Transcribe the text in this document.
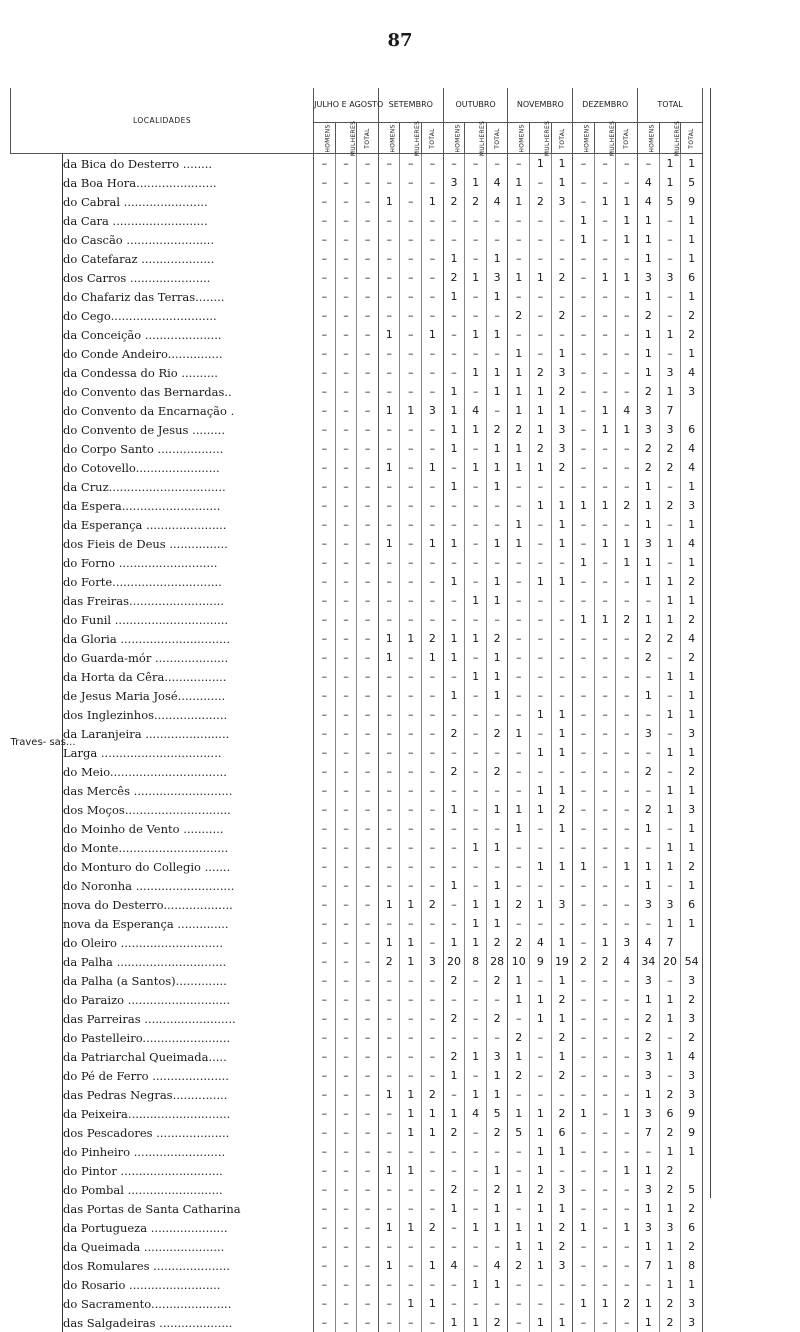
87
LOCALIDADES		JULHO E AGOSTO			SETEMBRO			OUTUBRO			NOVEMBRO			DEZEMBRO			TOTAL		
		HOMENS	MULHERES	TOTAL	HOMENS	MULHERES	TOTAL	HOMENS	MULHERES	TOTAL	HOMENS	MULHERES	TOTAL	HOMENS	MULHERES	TOTAL	HOMENS	MULHERES	TOTAL
Traves- sas...	da Bica do Desterro ........	–	–	–	–	–	–	–	–	–	–	1	1	–	–	–	–	1	1
	da Boa Hora......................	–	–	–	–	–	–	3	1	4	1	–	1	–	–	–	4	1	5
	do Cabral .......................	–	–	–	1	–	1	2	2	4	1	2	3	–	1	1	4	5	9
	da Cara ..........................	–	–	–	–	–	–	–	–	–	–	–	–	1	–	1	1	–	1
	do Cascão ........................	–	–	–	–	–	–	–	–	–	–	–	–	1	–	1	1	–	1
	do Catefaraz ....................	–	–	–	–	–	–	1	–	1	–	–	–	–	–	–	1	–	1
	dos Carros ......................	–	–	–	–	–	–	2	1	3	1	1	2	–	1	1	3	3	6
	do Chafariz das Terras........	–	–	–	–	–	–	1	–	1	–	–	–	–	–	–	1	–	1
	do Cego.............................	–	–	–	–	–	–	–	–	–	2	–	2	–	–	–	2	–	2
	da Conceição .....................	–	–	–	1	–	1	–	1	1	–	–	–	–	–	–	1	1	2
	do Conde Andeiro...............	–	–	–	–	–	–	–	–	–	1	–	1	–	–	–	1	–	1
	da Condessa do Rio ..........	–	–	–	–	–	–	–	1	1	1	2	3	–	–	–	1	3	4
	do Convento das Bernardas..	–	–	–	–	–	–	1	–	1	1	1	2	–	–	–	2	1	3
	do Convento da Encarnação .	–	–	–	1	1	3	1	4	–	1	1	1	–	1	4	3	7	
	do Convento de Jesus .........	–	–	–	–	–	–	1	1	2	2	1	3	–	1	1	3	3	6
	do Corpo Santo ..................	–	–	–	–	–	–	1	–	1	1	2	3	–	–	–	2	2	4
	do Cotovello.......................	–	–	–	1	–	1	–	1	1	1	1	2	–	–	–	2	2	4
	da Cruz................................	–	–	–	–	–	–	1	–	1	–	–	–	–	–	–	1	–	1
	da Espera...........................	–	–	–	–	–	–	–	–	–	–	1	1	1	1	2	1	2	3
	da Esperança ......................	–	–	–	–	–	–	–	–	–	1	–	1	–	–	–	1	–	1
	dos Fieis de Deus ................	–	–	–	1	–	1	1	–	1	1	–	1	–	1	1	3	1	4
	do Forno ...........................	–	–	–	–	–	–	–	–	–	–	–	–	1	–	1	1	–	1
	do Forte..............................	–	–	–	–	–	–	1	–	1	–	1	1	–	–	–	1	1	2
	das Freiras..........................	–	–	–	–	–	–	–	1	1	–	–	–	–	–	–	–	1	1
	do Funil ...............................	–	–	–	–	–	–	–	–	–	–	–	–	1	1	2	1	1	2
	da Gloria ..............................	–	–	–	1	1	2	1	1	2	–	–	–	–	–	–	2	2	4
	do Guarda-mór ....................	–	–	–	1	–	1	1	–	1	–	–	–	–	–	–	2	–	2
	da Horta da Cêra.................	–	–	–	–	–	–	–	1	1	–	–	–	–	–	–	–	1	1
	de Jesus Maria José.............	–	–	–	–	–	–	1	–	1	–	–	–	–	–	–	1	–	1
	dos Inglezinhos....................	–	–	–	–	–	–	–	–	–	–	1	1	–	–	–	–	1	1
	da Laranjeira .......................	–	–	–	–	–	–	2	–	2	1	–	1	–	–	–	3	–	3
	Larga .................................	–	–	–	–	–	–	–	–	–	–	1	1	–	–	–	–	1	1
	do Meio................................	–	–	–	–	–	–	2	–	2	–	–	–	–	–	–	2	–	2
	das Mercês ...........................	–	–	–	–	–	–	–	–	–	–	1	1	–	–	–	–	1	1
	dos Moços.............................	–	–	–	–	–	–	1	–	1	1	1	2	–	–	–	2	1	3
	do Moinho de Vento ...........	–	–	–	–	–	–	–	–	–	1	–	1	–	–	–	1	–	1
	do Monte..............................	–	–	–	–	–	–	–	1	1	–	–	–	–	–	–	–	1	1
	do Monturo do Collegio .......	–	–	–	–	–	–	–	–	–	–	1	1	1	–	1	1	1	2
	do Noronha ...........................	–	–	–	–	–	–	1	–	1	–	–	–	–	–	–	1	–	1
	nova do Desterro...................	–	–	–	1	1	2	–	1	1	2	1	3	–	–	–	3	3	6
	nova da Esperança ..............	–	–	–	–	–	–	–	1	1	–	–	–	–	–	–	–	1	1
	do Oleiro ............................	–	–	–	1	1	–	1	1	2	2	4	1	–	1	3	4	7	
	da Palha ..............................	–	–	–	2	1	3	20	8	28	10	9	19	2	2	4	34	20	54
	da Palha (a Santos)..............	–	–	–	–	–	–	2	–	2	1	–	1	–	–	–	3	–	3
	do Paraizo ............................	–	–	–	–	–	–	–	–	–	1	1	2	–	–	–	1	1	2
	das Parreiras .........................	–	–	–	–	–	–	2	–	2	–	1	1	–	–	–	2	1	3
	do Pastelleiro........................	–	–	–	–	–	–	–	–	–	2	–	2	–	–	–	2	–	2
	da Patriarchal Queimada.....	–	–	–	–	–	–	2	1	3	1	–	1	–	–	–	3	1	4
	do Pé de Ferro .....................	–	–	–	–	–	–	1	–	1	2	–	2	–	–	–	3	–	3
	das Pedras Negras...............	–	–	–	1	1	2	–	1	1	–	–	–	–	–	–	1	2	3
	da Peixeira............................	–	–	–	–	1	1	1	4	5	1	1	2	1	–	1	3	6	9
	dos Pescadores ....................	–	–	–	–	1	1	2	–	2	5	1	6	–	–	–	7	2	9
	do Pinheiro .........................	–	–	–	–	–	–	–	–	–	–	1	1	–	–	–	–	1	1
	do Pintor ............................	–	–	–	1	1	–	–	–	1	–	1	–	–	–	1	1	2	
	do Pombal ..........................	–	–	–	–	–	–	2	–	2	1	2	3	–	–	–	3	2	5
	das Portas de Santa Catharina	–	–	–	–	–	–	1	–	1	–	1	1	–	–	–	1	1	2
	da Portugueza .....................	–	–	–	1	1	2	–	1	1	1	1	2	1	–	1	3	3	6
	da Queimada ......................	–	–	–	–	–	–	–	–	–	1	1	2	–	–	–	1	1	2
	dos Romulares .....................	–	–	–	1	–	1	4	–	4	2	1	3	–	–	–	7	1	8
	do Rosario .........................	–	–	–	–	–	–	–	1	1	–	–	–	–	–	–	–	1	1
	do Sacramento......................	–	–	–	–	1	1	–	–	–	–	–	–	1	1	2	1	2	3
	das Salgadeiras ....................	–	–	–	–	–	–	1	1	2	–	1	1	–	–	–	1	2	3
